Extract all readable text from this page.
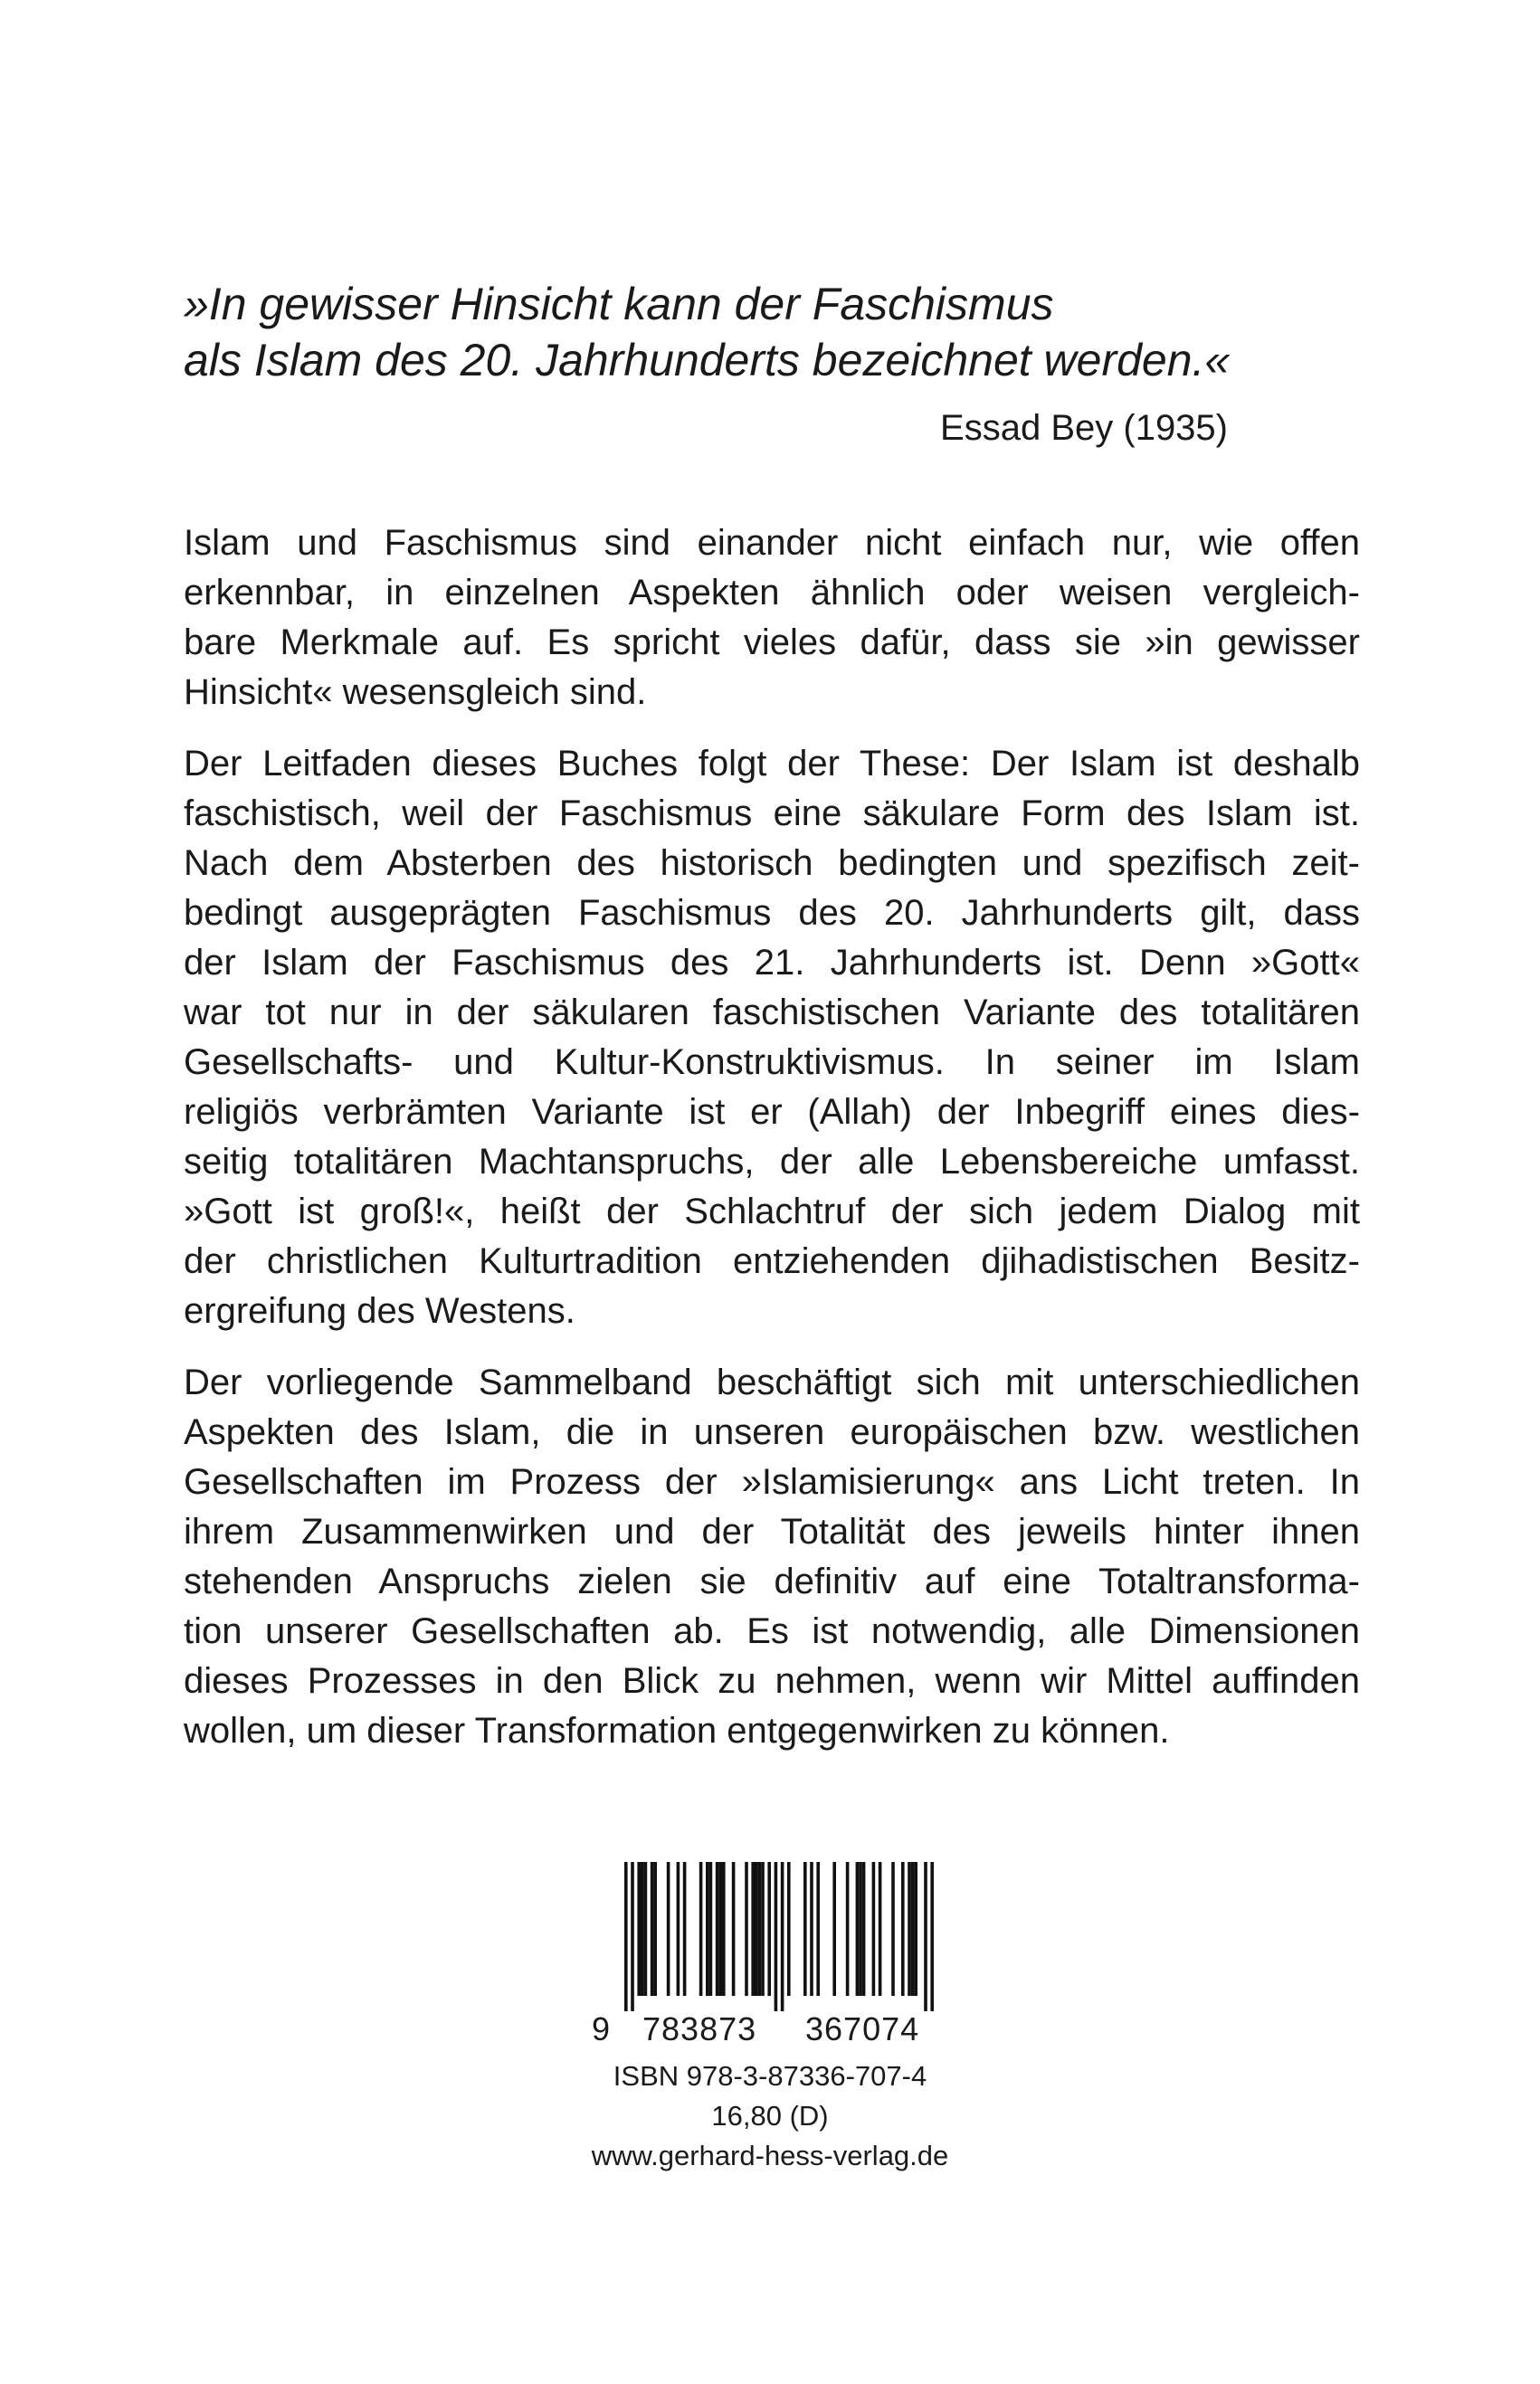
»In gewisser Hinsicht kann der Faschismus
als Islam des 20. Jahrhunderts bezeichnet werden.«
Essad Bey (1935)

Islam und Faschismus sind einander nicht einfach nur, wie offen
erkennbar, in einzelnen Aspekten ähnlich oder weisen vergleich-
bare Merkmale auf. Es spricht vieles dafür, dass sie »in gewisser
Hinsicht« wesensgleich sind.

Der Leitfaden dieses Buches folgt der These: Der Islam ist deshalb
faschistisch, weil der Faschismus eine säkulare Form des Islam ist.
Nach dem Absterben des historisch bedingten und spezifisch zeit-
bedingt ausgeprägten Faschismus des 20. Jahrhunderts gilt, dass
der Islam der Faschismus des 21. Jahrhunderts ist. Denn »Gott«
war tot nur in der säkularen faschistischen Variante des totalitären
Gesellschafts- und Kultur-Konstruktivismus. In seiner im Islam
religiös verbrämten Variante ist er (Allah) der Inbegriff eines dies-
seitig totalitären Machtanspruchs, der alle Lebensbereiche umfasst.
»Gott ist groß!«, heißt der Schlachtruf der sich jedem Dialog mit
der christlichen Kulturtradition entziehenden djihadistischen Besitz-
ergreifung des Westens.

Der vorliegende Sammelband beschäftigt sich mit unterschiedlichen
Aspekten des Islam, die in unseren europäischen bzw. westlichen
Gesellschaften im Prozess der »Islamisierung« ans Licht treten. In
ihrem Zusammenwirken und der Totalität des jeweils hinter ihnen
stehenden Anspruchs zielen sie definitiv auf eine Totaltransforma-
tion unserer Gesellschaften ab. Es ist notwendig, alle Dimensionen
dieses Prozesses in den Blick zu nehmen, wenn wir Mittel auffinden
wollen, um dieser Transformation entgegenwirken zu können.

9 783873 367074
ISBN 978-3-87336-707-4
16,80 (D)
www.gerhard-hess-verlag.de
